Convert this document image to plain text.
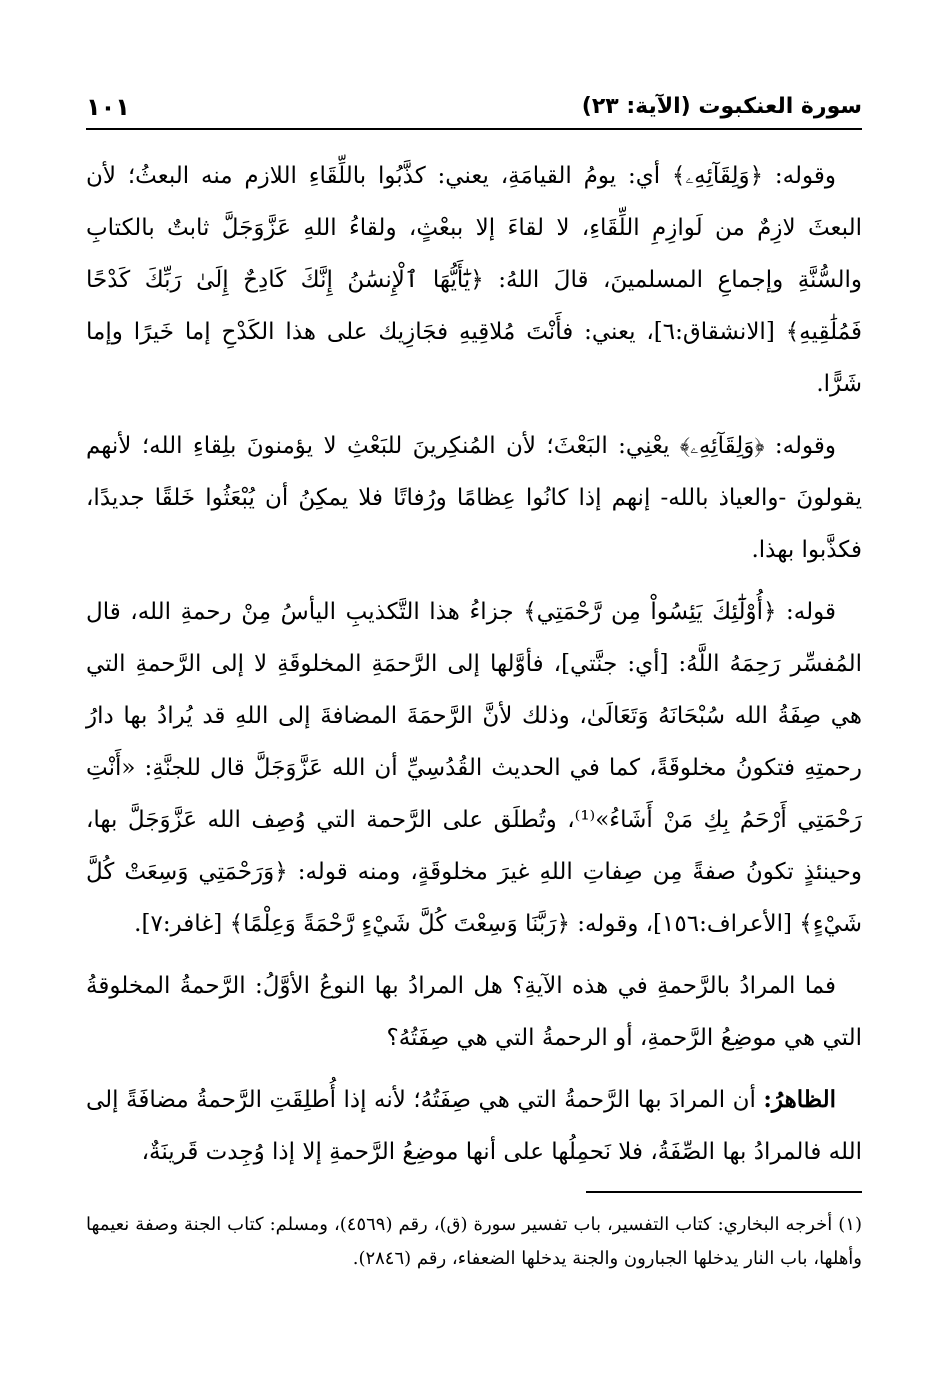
سورة العنكبوت (الآية: ٢٣)
١٠١

وقوله: ﴿وَلِقَآئِهِۦ﴾ أي: يومُ القيامَةِ، يعني: كذَّبُوا باللِّقَاءِ اللازم منه البعثُ؛ لأن البعثَ لازِمٌ من لَوازِمِ اللِّقَاءِ، لا لقاءَ إلا ببعْثٍ، ولقاءُ اللهِ عَزَّوَجَلَّ ثابتٌ بالكتابِ والسُّنَّةِ وإجماعِ المسلمينَ، قالَ اللهُ: ﴿يَٰٓأَيُّهَا ٱلْإِنسَٰنُ إِنَّكَ كَادِحٌ إِلَىٰ رَبِّكَ كَدْحًا فَمُلَٰقِيهِ﴾ [الانشقاق:٦]، يعني: فأَنْتَ مُلاقِيهِ فجَازِيك على هذا الكَدْحِ إما خَيرًا وإما شَرًّا.

وقوله: ﴿وَلِقَآئِهِۦ﴾ يعْنِي: البَعْثَ؛ لأن المُنكِرينَ للبَعْثِ لا يؤمنونَ بلِقاءِ الله؛ لأنهم يقولونَ -والعياذ بالله- إنهم إذا كانُوا عِظامًا ورُفاتًا فلا يمكِنُ أن يُبْعَثُوا خَلقًا جديدًا، فكذَّبوا بهذا.

قوله: ﴿أُوْلَٰٓئِكَ يَئِسُواْ مِن رَّحْمَتِي﴾ جزاءُ هذا التَّكذيبِ اليأسُ مِنْ رحمةِ الله، قال المُفسِّر رَحِمَهُ اللَّهُ: [أي: جنَّتي]، فأوَّلها إلى الرَّحمَةِ المخلوقَةِ لا إلى الرَّحمةِ التي هي صِفَةُ الله سُبْحَانَهُ وَتَعَالَىٰ، وذلك لأنَّ الرَّحمَةَ المضافةَ إلى اللهِ قد يُرادُ بها دارُ رحمتِهِ فتكونُ مخلوقَةً، كما في الحديث القُدُسِيِّ أن الله عَزَّوَجَلَّ قال للجنَّةِ: «أَنْتِ رَحْمَتِي أَرْحَمُ بِكِ مَنْ أَشَاءُ»⁽¹⁾، وتُطلَق على الرَّحمة التي وُصِف الله عَزَّوَجَلَّ بها، وحينئذٍ تكونُ صفةً مِن صِفاتِ اللهِ غيرَ مخلوقَةٍ، ومنه قوله: ﴿وَرَحْمَتِي وَسِعَتْ كُلَّ شَيْءٍ﴾ [الأعراف:١٥٦]، وقوله: ﴿رَبَّنَا وَسِعْتَ كُلَّ شَيْءٍ رَّحْمَةً وَعِلْمًا﴾ [غافر:٧].

فما المرادُ بالرَّحمةِ في هذه الآيةِ؟ هل المرادُ بها النوعُ الأوَّلُ: الرَّحمةُ المخلوقةُ التي هي موضِعُ الرَّحمةِ، أو الرحمةُ التي هي صِفَتُهُ؟

الظاهرُ: أن المرادَ بها الرَّحمةُ التي هي صِفَتُهُ؛ لأنه إذا أُطلِقَتِ الرَّحمةُ مضافَةً إلى الله فالمرادُ بها الصِّفَةُ، فلا نَحمِلُها على أنها موضِعُ الرَّحمةِ إلا إذا وُجِدت قَرينَةٌ،

(١) أخرجه البخاري: كتاب التفسير، باب تفسير سورة (ق)، رقم (٤٥٦٩)، ومسلم: كتاب الجنة وصفة نعيمها وأهلها، باب النار يدخلها الجبارون والجنة يدخلها الضعفاء، رقم (٢٨٤٦).
